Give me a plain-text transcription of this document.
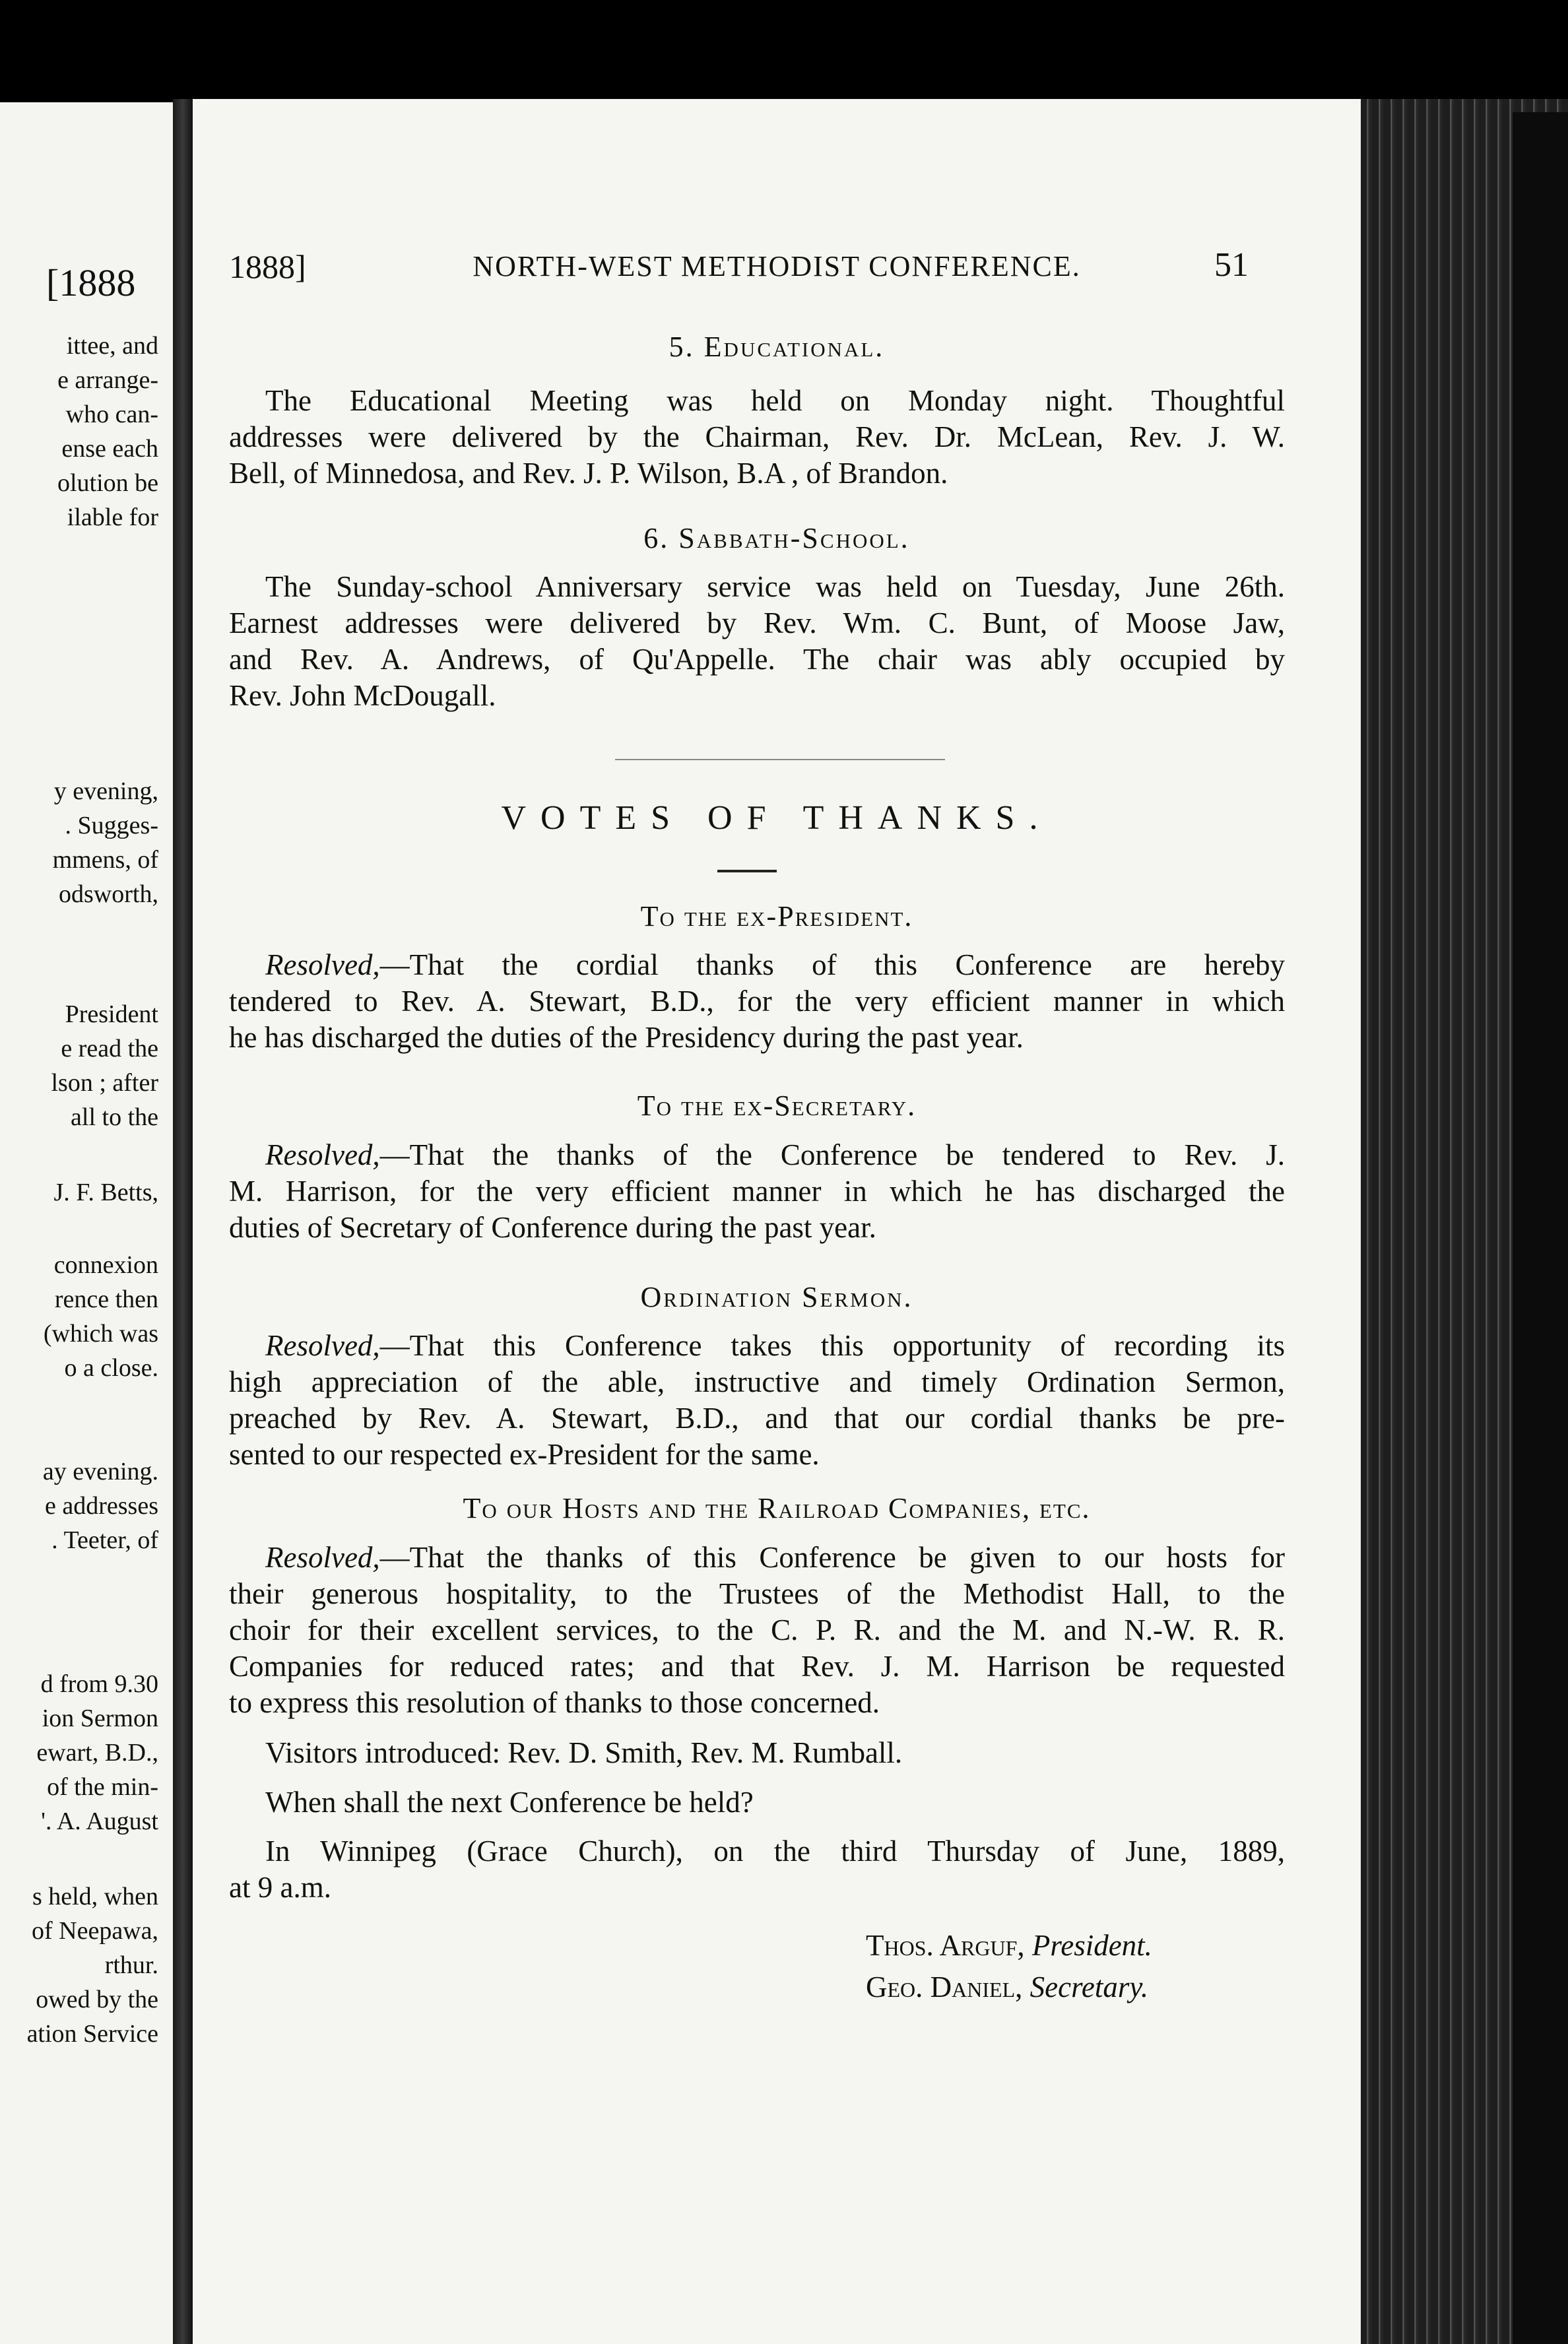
[1888
ittee, and
e arrange-
who can-
ense each
olution be
ilable for
y evening,
. Sugges-
mmens, of
odsworth,
President
e read the
lson ; after
all to the
J. F. Betts,
connexion
rence then
(which was
o a close.
ay evening.
e addresses
. Teeter, of
d from 9.30
ion Sermon
ewart, B.D.,
of the min-
'. A. August
s held, when
of Neepawa,
rthur.
owed by the
ation Service
1888]	NORTH-WEST METHODIST CONFERENCE.	51
5. Educational.
The Educational Meeting was held on Monday night. Thoughtful
addresses were delivered by the Chairman, Rev. Dr. McLean, Rev. J. W.
Bell, of Minnedosa, and Rev. J. P. Wilson, B.A , of Brandon.
6. Sabbath-School.
The Sunday-school Anniversary service was held on Tuesday, June 26th.
Earnest addresses were delivered by Rev. Wm. C. Bunt, of Moose Jaw,
and Rev. A. Andrews, of Qu'Appelle. The chair was ably occupied by
Rev. John McDougall.
VOTES OF THANKS.
To the ex-President.
Resolved,—That the cordial thanks of this Conference are hereby
tendered to Rev. A. Stewart, B.D., for the very efficient manner in which
he has discharged the duties of the Presidency during the past year.
To the ex-Secretary.
Resolved,—That the thanks of the Conference be tendered to Rev. J.
M. Harrison, for the very efficient manner in which he has discharged the
duties of Secretary of Conference during the past year.
Ordination Sermon.
Resolved,—That this Conference takes this opportunity of recording its
high appreciation of the able, instructive and timely Ordination Sermon,
preached by Rev. A. Stewart, B.D., and that our cordial thanks be pre-
sented to our respected ex-President for the same.
To our Hosts and the Railroad Companies, etc.
Resolved,—That the thanks of this Conference be given to our hosts for
their generous hospitality, to the Trustees of the Methodist Hall, to the
choir for their excellent services, to the C. P. R. and the M. and N.-W. R. R.
Companies for reduced rates; and that Rev. J. M. Harrison be requested
to express this resolution of thanks to those concerned.
Visitors introduced: Rev. D. Smith, Rev. M. Rumball.
When shall the next Conference be held?
In Winnipeg (Grace Church), on the third Thursday of June, 1889,
at 9 a.m.
Thos. Arguf, President.
Geo. Daniel, Secretary.
